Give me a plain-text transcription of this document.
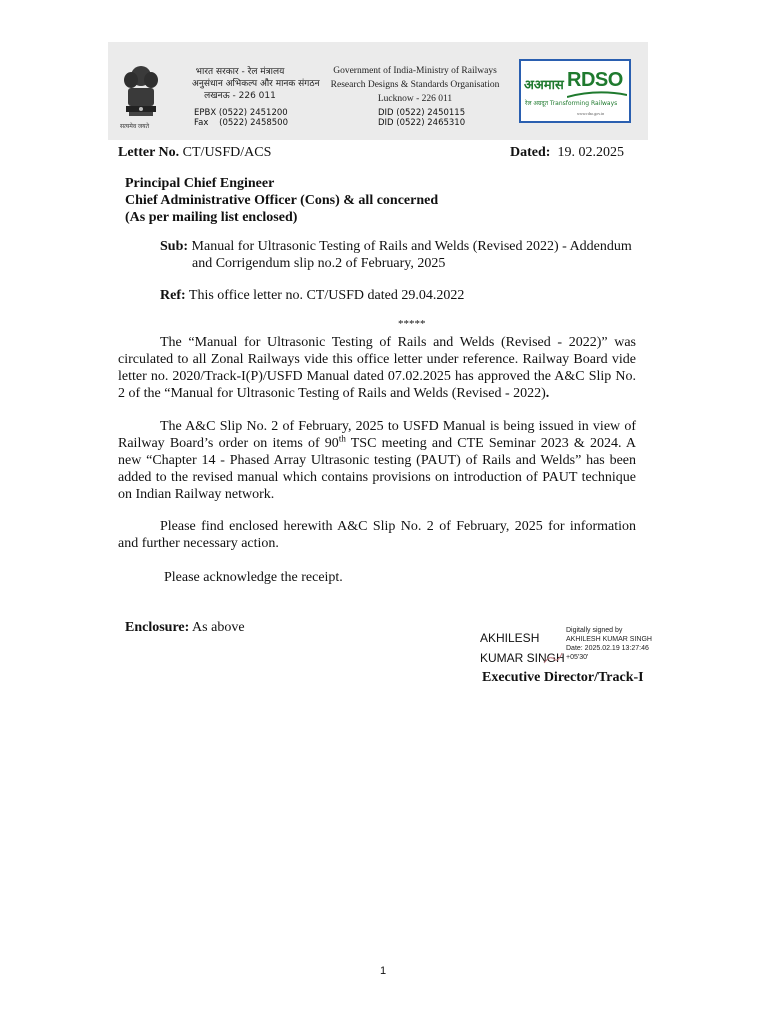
सत्यमेव जयते
भारत सरकार - रेल मंत्रालय
अनुसंधान अभिकल्प और मानक संगठन
लखनऊ - 226 011
EPBX (0522) 2451200
Fax    (0522) 2458500
Government of India-Ministry of Railways
Research Designs & Standards Organisation
Lucknow - 226 011
DID (0522) 2450115
DID (0522) 2465310
अअमास RDSO
रेल अग्रदूत Transforming Railways
www.rdso.gov.in
Letter No. CT/USFD/ACS	Dated: 19. 02.2025
Principal Chief Engineer
Chief Administrative Officer (Cons) & all concerned
(As per mailing list enclosed)
Sub: Manual for Ultrasonic Testing of Rails and Welds (Revised 2022) - Addendum
and Corrigendum slip no.2 of February, 2025
Ref: This office letter no. CT/USFD dated 29.04.2022
*****
The “Manual for Ultrasonic Testing of Rails and Welds (Revised - 2022)” was circulated to all Zonal Railways vide this office letter under reference. Railway Board vide letter no. 2020/Track-I(P)/USFD Manual dated 07.02.2025 has approved the A&C Slip No. 2 of the “Manual for Ultrasonic Testing of Rails and Welds (Revised - 2022).
The A&C Slip No. 2 of February, 2025 to USFD Manual is being issued in view of Railway Board’s order on items of 90th TSC meeting and CTE Seminar 2023 & 2024. A new “Chapter 14 - Phased Array Ultrasonic testing (PAUT) of Rails and Welds” has been added to the revised manual which contains provisions on introduction of PAUT technique on Indian Railway network.
Please find enclosed herewith A&C Slip No. 2 of February, 2025 for information and further necessary action.
Please acknowledge the receipt.
Enclosure: As above
AKHILESH
KUMAR SINGH
Digitally signed by
AKHILESH KUMAR SINGH
Date: 2025.02.19 13:27:46
+05'30'
Executive Director/Track-I
1
